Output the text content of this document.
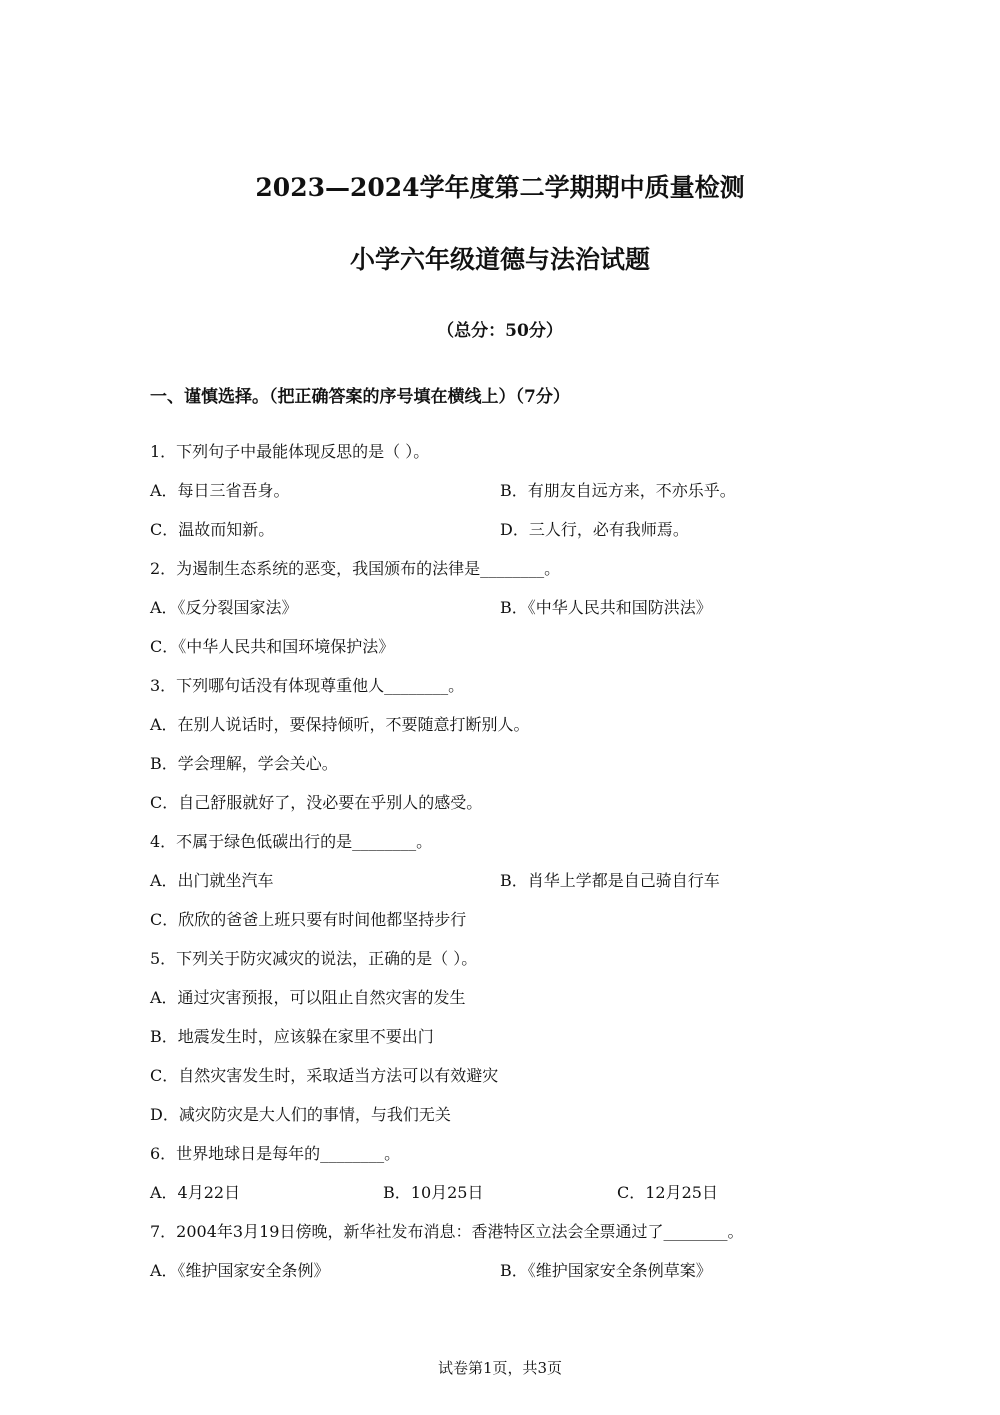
2023—2024学年度第二学期期中质量检测
小学六年级道德与法治试题
（总分：50分）
一、谨慎选择。（把正确答案的序号填在横线上）（7分）
1．下列句子中最能体现反思的是（ ）。
A．每日三省吾身。	B．有朋友自远方来，不亦乐乎。
C．温故而知新。	D．三人行，必有我师焉。
2．为遏制生态系统的恶变，我国颁布的法律是________。
A．《反分裂国家法》	B．《中华人民共和国防洪法》
C．《中华人民共和国环境保护法》
3．下列哪句话没有体现尊重他人________。
A．在别人说话时，要保持倾听，不要随意打断别人。
B．学会理解，学会关心。
C．自己舒服就好了，没必要在乎别人的感受。
4．不属于绿色低碳出行的是________。
A．出门就坐汽车	B．肖华上学都是自己骑自行车
C．欣欣的爸爸上班只要有时间他都坚持步行
5．下列关于防灾减灾的说法，正确的是（ ）。
A．通过灾害预报，可以阻止自然灾害的发生
B．地震发生时，应该躲在家里不要出门
C．自然灾害发生时，采取适当方法可以有效避灾
D．减灾防灾是大人们的事情，与我们无关
6．世界地球日是每年的________。
A．4月22日	B．10月25日	C．12月25日
7．2004年3月19日傍晚，新华社发布消息：香港特区立法会全票通过了________。
A．《维护国家安全条例》	B．《维护国家安全条例草案》
试卷第1页，共3页
